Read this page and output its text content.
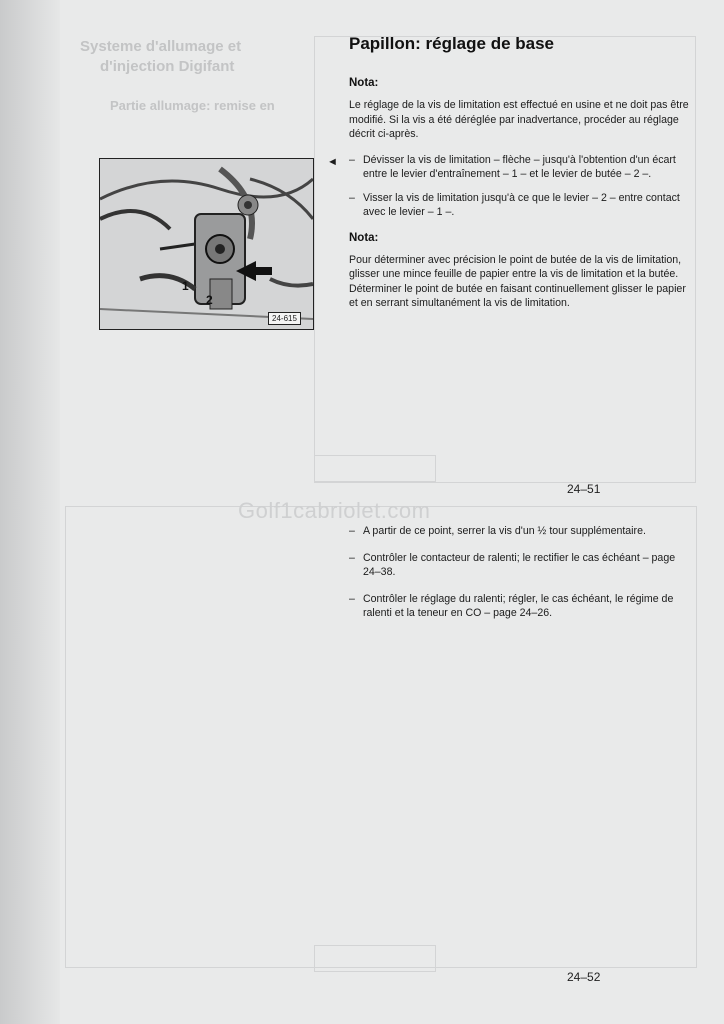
Systeme d'allumage et
d'injection Digifant
Partie allumage: remise en
Papillon: réglage de base

Nota:

Le réglage de la vis de limitation est effectué en usine et ne doit pas être modifié. Si la vis a été déréglée par inadvertance, procéder au réglage décrit ci-après.

– Dévisser la vis de limitation – flèche – jusqu'à l'obtention d'un écart entre le levier d'entraînement – 1 – et le levier de butée – 2 –.

– Visser la vis de limitation jusqu'à ce que le levier – 2 – entre contact avec le levier – 1 –.

Nota:

Pour déterminer avec précision le point de butée de la vis de limitation, glisser une mince feuille de papier entre la vis de limitation et la butée. Déterminer le point de butée en faisant continuellement glisser le papier et en serrant simultanément la vis de limitation.

◄
1
2
24-615
24–51
Golf1cabriolet.com

– A partir de ce point, serrer la vis d'un ½ tour supplémentaire.

– Contrôler le contacteur de ralenti; le rectifier le cas échéant – page 24–38.

– Contrôler le réglage du ralenti; régler, le cas échéant, le régime de ralenti et la teneur en CO – page 24–26.

24–52
